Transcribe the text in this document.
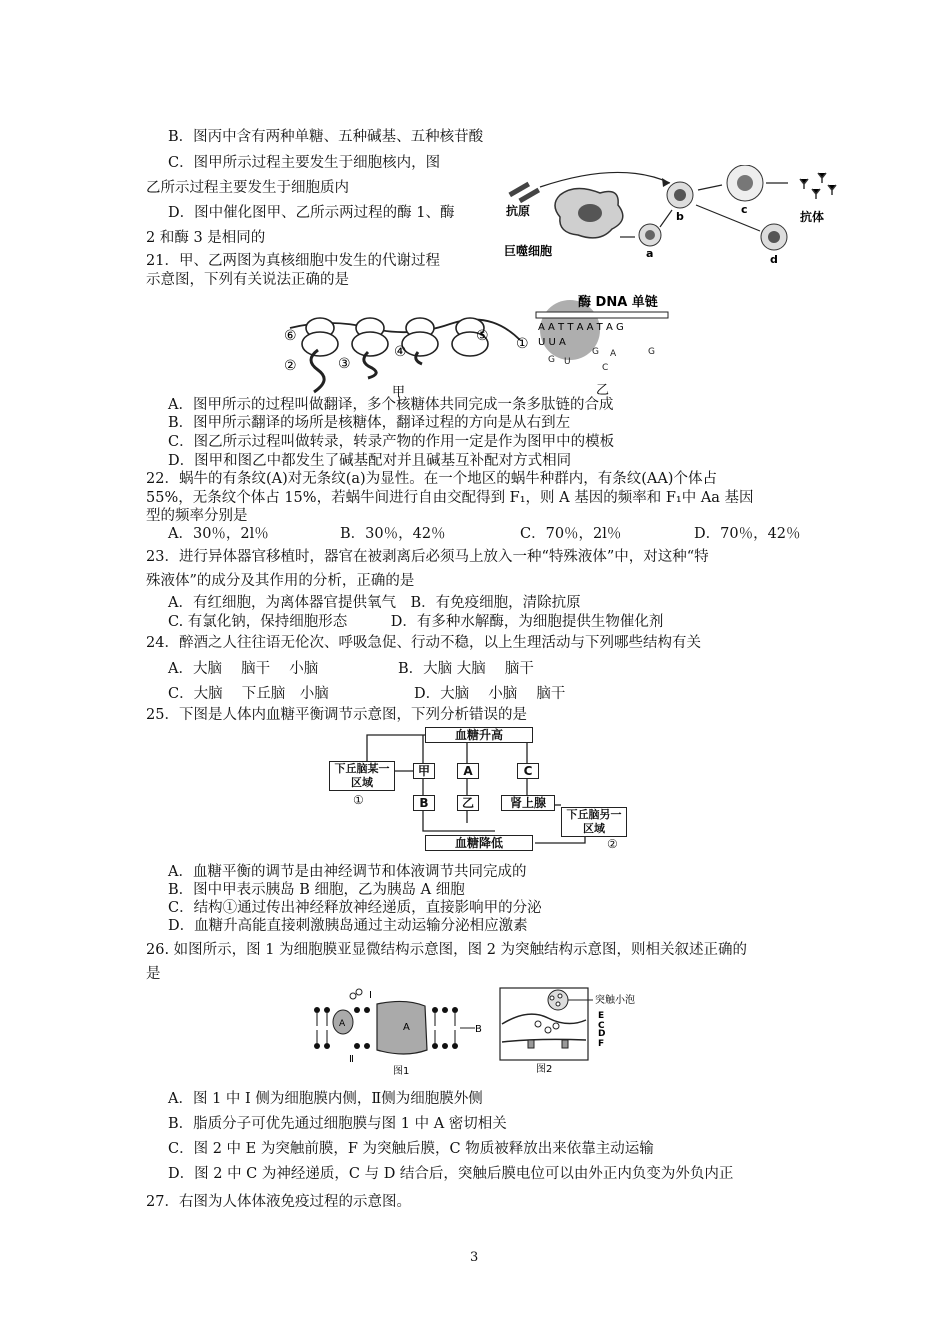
B．图丙中含有两种单糖、五种碱基、五种核苷酸
C．图甲所示过程主要发生于细胞核内，图
乙所示过程主要发生于细胞质内
D．图中催化图甲、乙所示两过程的酶 1、酶
2 和酶 3 是相同的
21．甲、乙两图为真核细胞中发生的代谢过程
示意图，下列有关说法正确的是
抗原
巨噬细胞	a
b
c
抗体
d
⑥
②	③
④
⑤ ①
甲
酶 DNA 单链
A A T T A A T A G
U U A
G U
G A	G
C
乙
A．图甲所示的过程叫做翻译，多个核糖体共同完成一条多肽链的合成
B．图甲所示翻译的场所是核糖体，翻译过程的方向是从右到左
C．图乙所示过程叫做转录，转录产物的作用一定是作为图甲中的模板
D．图甲和图乙中都发生了碱基配对并且碱基互补配对方式相同
22．蜗牛的有条纹(A)对无条纹(a)为显性。在一个地区的蜗牛种群内，有条纹(AA)个体占
55%，无条纹个体占 15%，若蜗牛间进行自由交配得到 F₁，则 A 基因的频率和 F₁中 Aa 基因
型的频率分别是
A．30％，2l％	B．30％，42％	C．70％，2l％	D．70％，42％
23．进行异体器官移植时，器官在被剥离后必须马上放入一种“特殊液体”中，对这种“特
殊液体”的成分及其作用的分析，正确的是
A．有红细胞，为离体器官提供氧气　B．有免疫细胞，清除抗原
C. 有氯化钠，保持细胞形态　　　D．有多种水解酶，为细胞提供生物催化剂
24．醉酒之人往往语无伦次、呼吸急促、行动不稳，以上生理活动与下列哪些结构有关
A．大脑　 脑干　 小脑	B．大脑 大脑　 脑干
C．大脑　 下丘脑　小脑	D．大脑　 小脑　 脑干
25．下图是人体内血糖平衡调节示意图，下列分析错误的是
血糖升高
下丘脑某一区域
①
甲	A	C
B	乙	肾上腺
下丘脑另一区域
血糖降低	②
A．血糖平衡的调节是由神经调节和体液调节共同完成的
B．图中甲表示胰岛 B 细胞，乙为胰岛 A 细胞
C．结构①通过传出神经释放神经递质，直接影响甲的分泌
D．血糖升高能直接刺激胰岛通过主动运输分泌相应激素
26. 如图所示，图 1 为细胞膜亚显微结构示意图，图 2 为突触结构示意图，则相关叙述正确的
是
A	A
I
Ⅱ
B
图1
突触小泡
E
C
D
F
图2
A．图 1 中 I 侧为细胞膜内侧，Ⅱ侧为细胞膜外侧
B．脂质分子可优先通过细胞膜与图 1 中 A 密切相关
C．图 2 中 E 为突触前膜，F 为突触后膜，C 物质被释放出来依靠主动运输
D．图 2 中 C 为神经递质，C 与 D 结合后，突触后膜电位可以由外正内负变为外负内正
27．右图为人体体液免疫过程的示意图。
3
